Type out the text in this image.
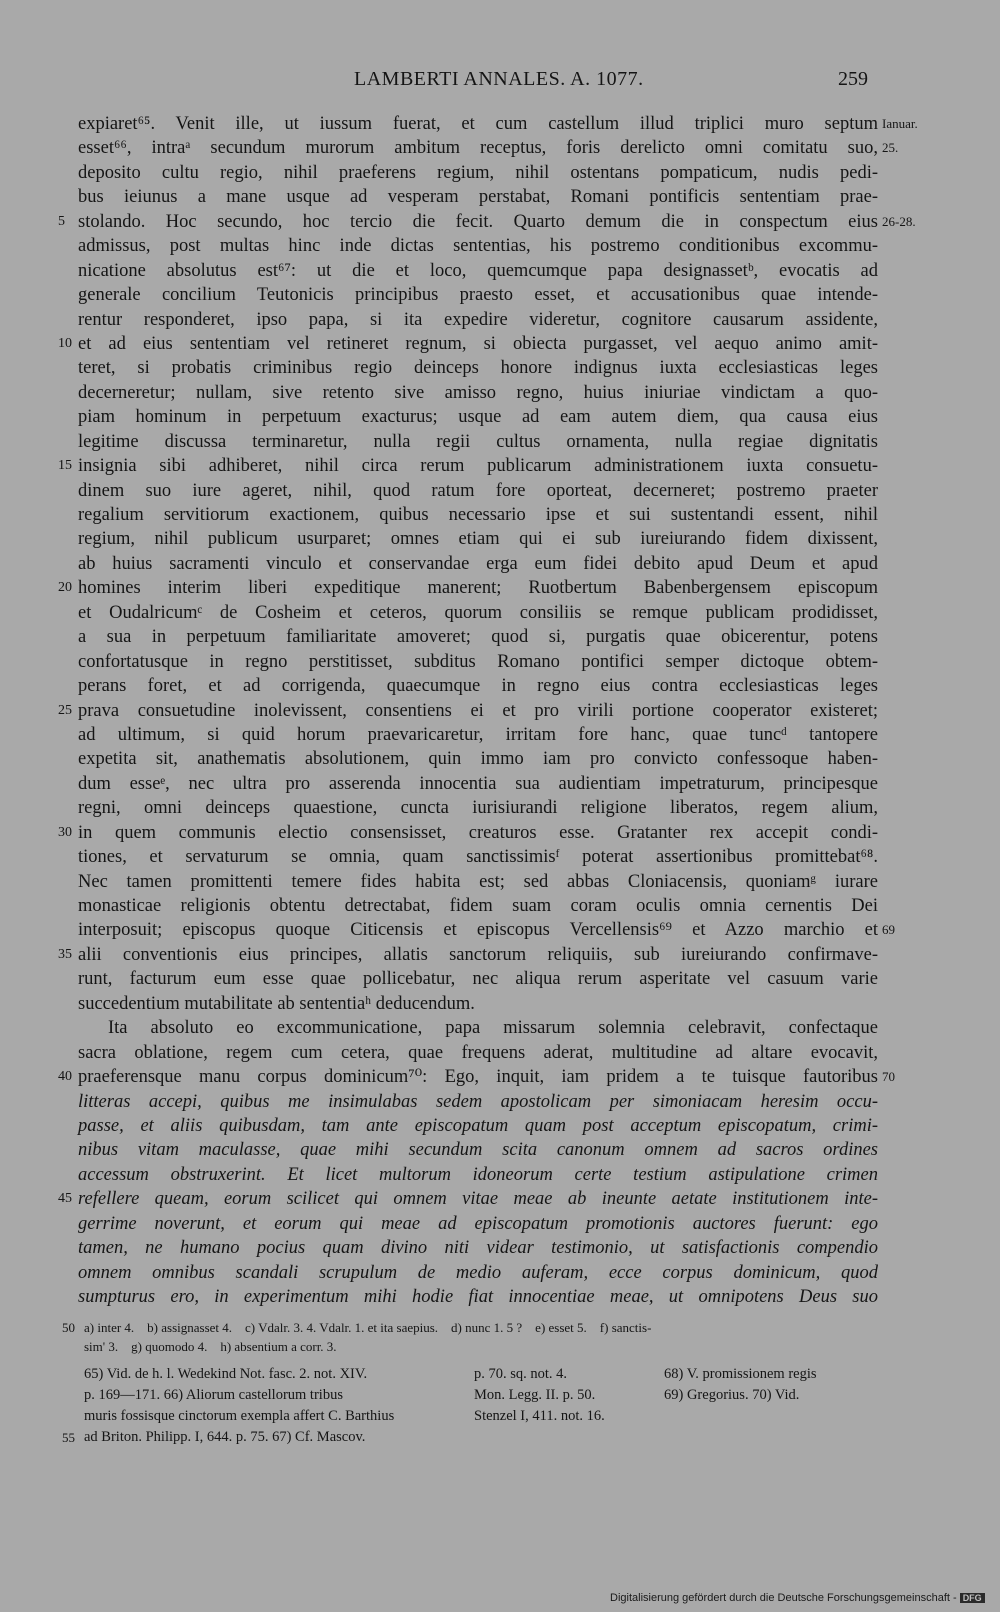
LAMBERTI ANNALES. A. 1077.	259
expiaret⁶⁵. Venit ille, ut iussum fuerat, et cum castellum illud triplici muro septum Ianuar.
esset⁶⁶, intraᵃ secundum murorum ambitum receptus, foris derelicto omni comitatu suo, 25.
deposito cultu regio, nihil praeferens regium, nihil ostentans pompaticum, nudis pedi-
bus ieiunus a mane usque ad vesperam perstabat, Romani pontificis sententiam prae-
5 stolando. Hoc secundo, hoc tercio die fecit. Quarto demum die in conspectum eius 26-28.
admissus, post multas hinc inde dictas sententias, his postremo conditionibus excommu-
nicatione absolutus est⁶⁷: ut die et loco, quemcumque papa designassetᵇ, evocatis ad
generale concilium Teutonicis principibus praesto esset, et accusationibus quae intende-
rentur responderet, ipso papa, si ita expedire videretur, cognitore causarum assidente,
10 et ad eius sententiam vel retineret regnum, si obiecta purgasset, vel aequo animo amit-
teret, si probatis criminibus regio deinceps honore indignus iuxta ecclesiasticas leges
decerneretur; nullam, sive retento sive amisso regno, huius iniuriae vindictam a quo-
piam hominum in perpetuum exacturus; usque ad eam autem diem, qua causa eius
legitime discussa terminaretur, nulla regii cultus ornamenta, nulla regiae dignitatis
15 insignia sibi adhiberet, nihil circa rerum publicarum administrationem iuxta consuetu-
dinem suo iure ageret, nihil, quod ratum fore oporteat, decerneret; postremo praeter
regalium servitiorum exactionem, quibus necessario ipse et sui sustentandi essent, nihil
regium, nihil publicum usurparet; omnes etiam qui ei sub iureiurando fidem dixissent,
ab huius sacramenti vinculo et conservandae erga eum fidei debito apud Deum et apud
20 homines interim liberi expeditique manerent; Ruotbertum Babenbergensem episcopum
et Oudalricumᶜ de Cosheim et ceteros, quorum consiliis se remque publicam prodidisset,
a sua in perpetuum familiaritate amoveret; quod si, purgatis quae obicerentur, potens
confortatusque in regno perstitisset, subditus Romano pontifici semper dictoque obtem-
perans foret, et ad corrigenda, quaecumque in regno eius contra ecclesiasticas leges
25 prava consuetudine inolevissent, consentiens ei et pro virili portione cooperator existeret;
ad ultimum, si quid horum praevaricaretur, irritam fore hanc, quae tuncᵈ tantopere
expetita sit, anathematis absolutionem, quin immo iam pro convicto confessoque haben-
dum esseᵉ, nec ultra pro asserenda innocentia sua audientiam impetraturum, principesque
regni, omni deinceps quaestione, cuncta iurisiurandi religione liberatos, regem alium,
30 in quem communis electio consensisset, creaturos esse. Gratanter rex accepit condi-
tiones, et servaturum se omnia, quam sanctissimisᶠ poterat assertionibus promittebat⁶⁸.
Nec tamen promittenti temere fides habita est; sed abbas Cloniacensis, quoniamᵍ iurare
monasticae religionis obtentu detrectabat, fidem suam coram oculis omnia cernentis Dei
interposuit; episcopus quoque Citicensis et episcopus Vercellensis⁶⁹ et Azzo marchio et 69
35 alii conventionis eius principes, allatis sanctorum reliquiis, sub iureiurando confirmave-
runt, facturum eum esse quae pollicebatur, nec aliqua rerum asperitate vel casuum varie
succedentium mutabilitate ab sententiaʰ deducendum.
Ita absoluto eo excommunicatione, papa missarum solemnia celebravit, confectaque
sacra oblatione, regem cum cetera, quae frequens aderat, multitudine ad altare evocavit,
40 praeferensque manu corpus dominicum⁷⁰: Ego, inquit, iam pridem a te tuisque fautoribus 70
litteras accepi, quibus me insimulabas sedem apostolicam per simoniacam heresim occu-
passe, et aliis quibusdam, tam ante episcopatum quam post acceptum episcopatum, crimi-
nibus vitam maculasse, quae mihi secundum scita canonum omnem ad sacros ordines
accessum obstruxerint. Et licet multorum idoneorum certe testium astipulatione crimen
45 refellere queam, eorum scilicet qui omnem vitae meae ab ineunte aetate institutionem inte-
gerrime noverunt, et eorum qui meae ad episcopatum promotionis auctores fuerunt: ego
tamen, ne humano pocius quam divino niti videar testimonio, ut satisfactionis compendio
omnem omnibus scandali scrupulum de medio auferam, ecce corpus dominicum, quod
sumpturus ero, in experimentum mihi hodie fiat innocentiae meae, ut omnipotens Deus suo
50 a) inter 4.    b) assignasset 4.    c) Vdalr. 3. 4. Vdalr. 1. et ita saepius.    d) nunc 1. 5 ?    e) esset 5.    f) sanctis-
sim' 3.    g) quomodo 4.    h) absentium a corr. 3.
65) Vid. de h. l. Wedekind Not. fasc. 2. not. XIV.	p. 70. sq. not. 4.	68) V. promissionem regis
p. 169—171. 66) Aliorum castellorum tribus	Mon. Legg. II. p. 50.	69) Gregorius. 70) Vid.
muris fossisque cinctorum exempla affert C. Barthius	Stenzel I, 411. not. 16.
55 ad Briton. Philipp. I, 644. p. 75. 67) Cf. Mascov.
Digitalisierung gefördert durch die Deutsche Forschungsgemeinschaft - DFG
